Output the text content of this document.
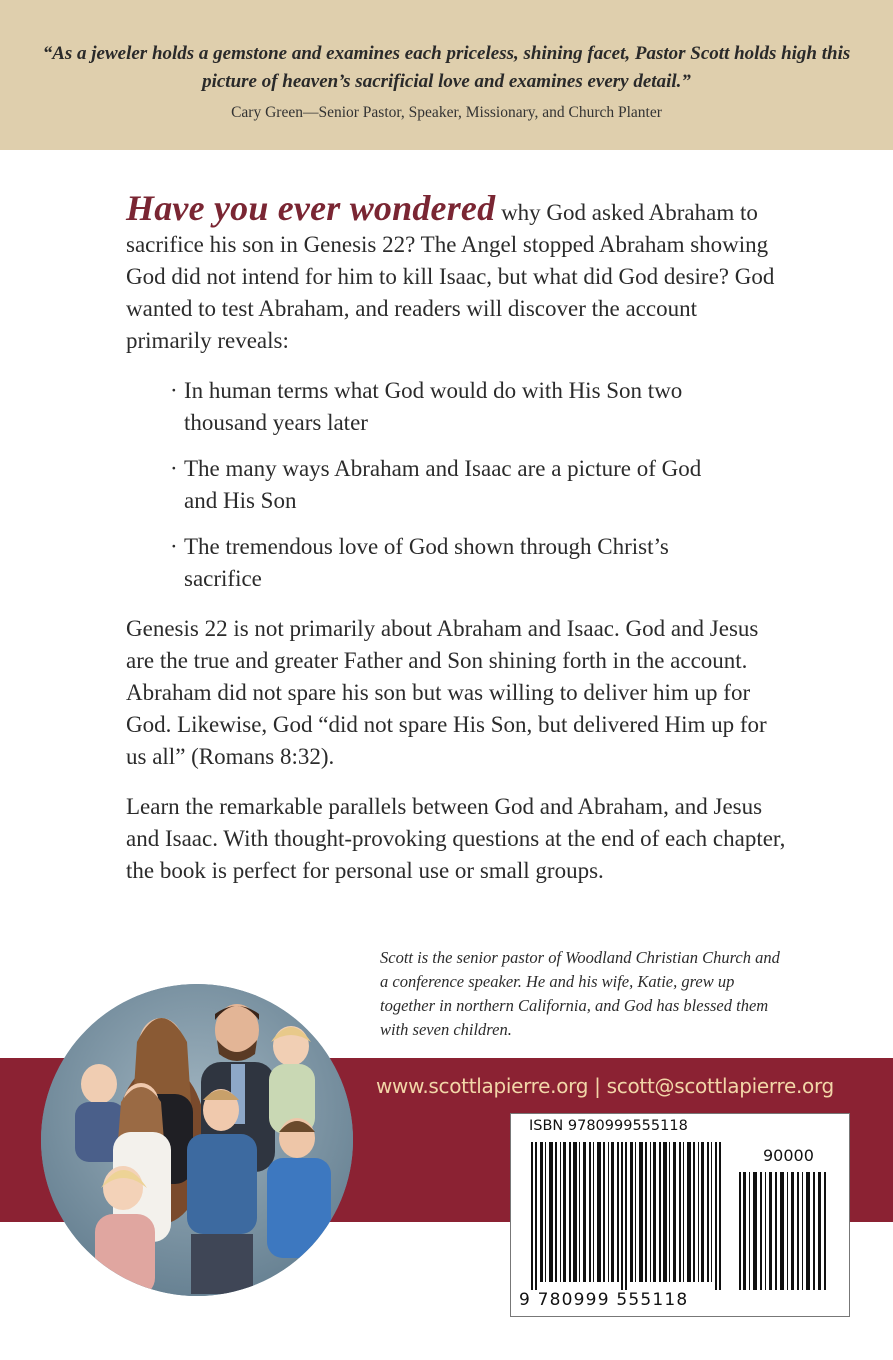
“As a jeweler holds a gemstone and examines each priceless, shining facet, Pastor Scott holds high this picture of heaven’s sacrificial love and examines every detail.”

Cary Green—Senior Pastor, Speaker, Missionary, and Church Planter

Have you ever wondered why God asked Abraham to sacrifice his son in Genesis 22? The Angel stopped Abraham showing God did not intend for him to kill Isaac, but what did God desire? God wanted to test Abraham, and readers will discover the account primarily reveals:

· In human terms what God would do with His Son two thousand years later
· The many ways Abraham and Isaac are a picture of God and His Son
· The tremendous love of God shown through Christ’s sacrifice

Genesis 22 is not primarily about Abraham and Isaac. God and Jesus are the true and greater Father and Son shining forth in the account. Abraham did not spare his son but was willing to deliver him up for God. Likewise, God “did not spare His Son, but delivered Him up for us all” (Romans 8:32).

Learn the remarkable parallels between God and Abraham, and Jesus and Isaac. With thought-provoking questions at the end of each chapter, the book is perfect for personal use or small groups.

Scott is the senior pastor of Woodland Christian Church and a conference speaker. He and his wife, Katie, grew up together in northern California, and God has blessed them with seven children.
www.scottlapierre.org | scott@scottlapierre.org
ISBN 9780999555118
90000
9 780999 555118
